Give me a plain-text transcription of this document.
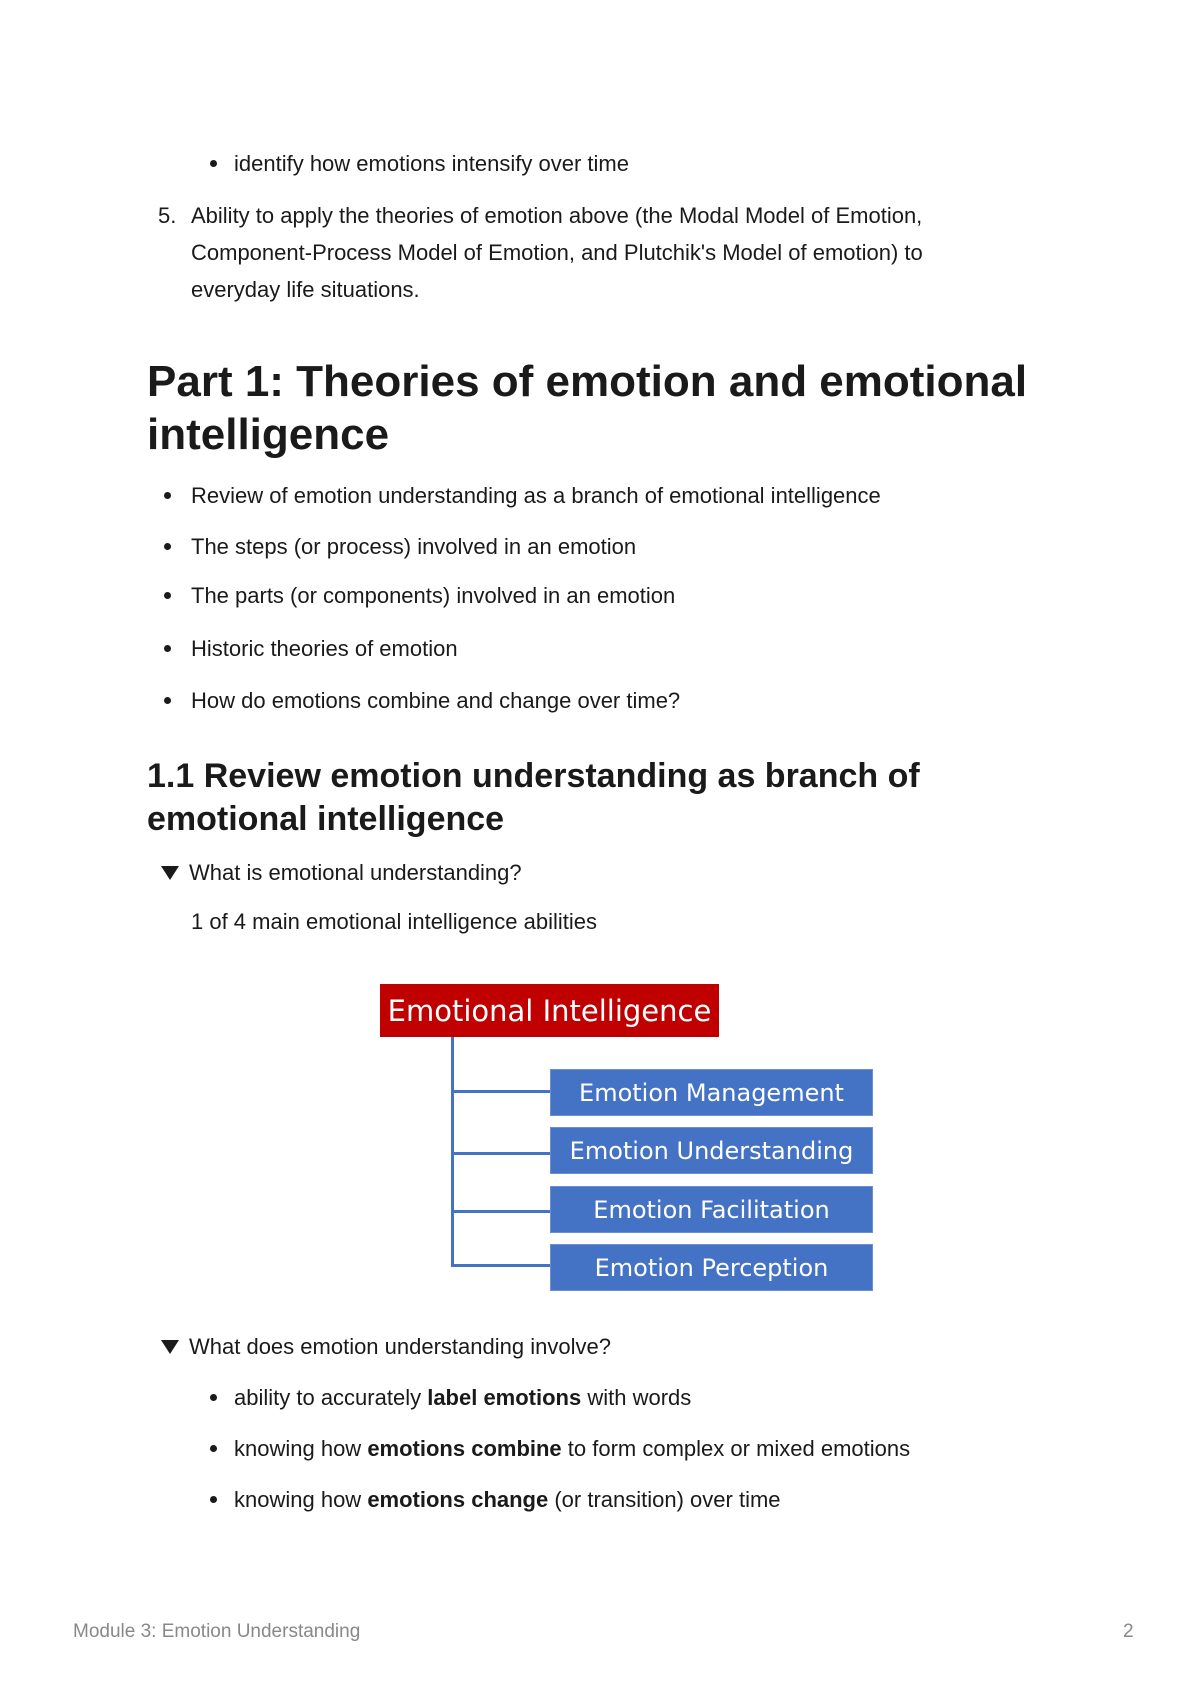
identify how emotions intensify over time
5. Ability to apply the theories of emotion above (the Modal Model of Emotion,
Component-Process Model of Emotion, and Plutchik's Model of emotion) to
everyday life situations.
Part 1: Theories of emotion and emotional
intelligence
Review of emotion understanding as a branch of emotional intelligence
The steps (or process) involved in an emotion
The parts (or components) involved in an emotion
Historic theories of emotion
How do emotions combine and change over time?
1.1 Review emotion understanding as branch of
emotional intelligence
What is emotional understanding?
1 of 4 main emotional intelligence abilities
Emotional Intelligence
Emotion Management
Emotion Understanding
Emotion Facilitation
Emotion Perception
What does emotion understanding involve?
ability to accurately label emotions with words
knowing how emotions combine to form complex or mixed emotions
knowing how emotions change (or transition) over time
Module 3: Emotion Understanding	2
